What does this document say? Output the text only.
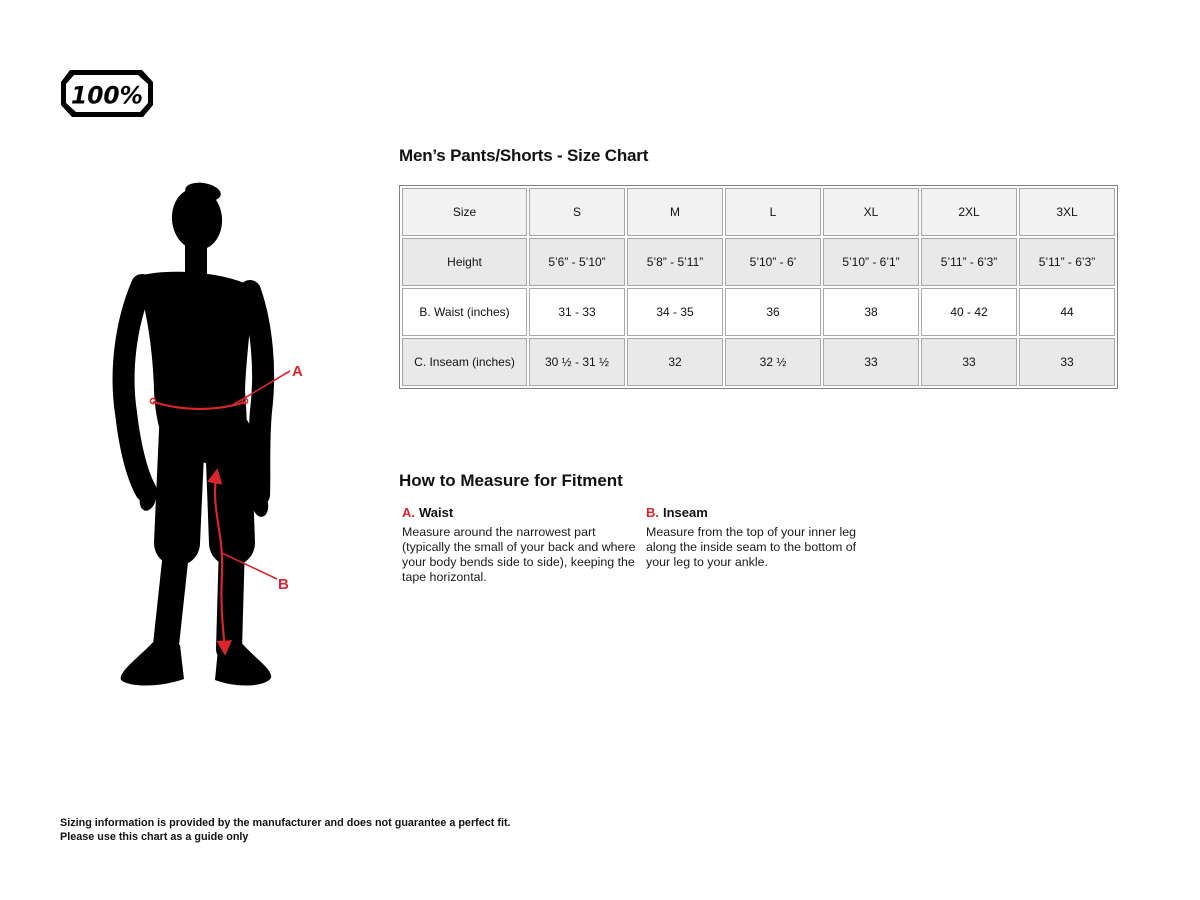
100%
A
B
Men’s Pants/Shorts - Size Chart
Size	S	M	L	XL	2XL	3XL
Height	5’6” - 5’10”	5’8” - 5’11”	5’10” - 6’	5’10” - 6’1”	5’11” - 6’3”	5’11” - 6’3”
B. Waist (inches)	31 - 33	34 - 35	36	38	40 - 42	44
C. Inseam (inches)	30 ½ - 31 ½	32	32 ½	33	33	33
How to Measure for Fitment
A. Waist
Measure around the narrowest part (typically the small of your back and where your body bends side to side), keeping the tape horizontal.
B. Inseam
Measure from the top of your inner leg along the inside seam to the bottom of your leg to your ankle.
Sizing information is provided by the manufacturer and does not guarantee a perfect fit.
Please use this chart as a guide only
